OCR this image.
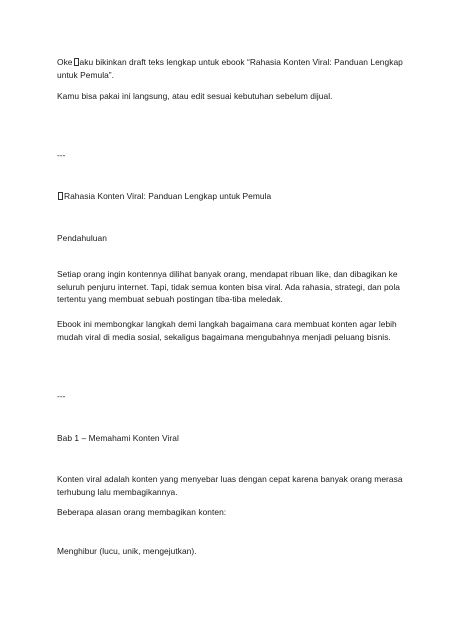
Oke aku bikinkan draft teks lengkap untuk ebook “Rahasia Konten Viral: Panduan Lengkap untuk Pemula”.
Kamu bisa pakai ini langsung, atau edit sesuai kebutuhan sebelum dijual.
---
Rahasia Konten Viral: Panduan Lengkap untuk Pemula
Pendahuluan
Setiap orang ingin kontennya dilihat banyak orang, mendapat ribuan like, dan dibagikan ke seluruh penjuru internet. Tapi, tidak semua konten bisa viral. Ada rahasia, strategi, dan pola tertentu yang membuat sebuah postingan tiba-tiba meledak.
Ebook ini membongkar langkah demi langkah bagaimana cara membuat konten agar lebih mudah viral di media sosial, sekaligus bagaimana mengubahnya menjadi peluang bisnis.
---
Bab 1 – Memahami Konten Viral
Konten viral adalah konten yang menyebar luas dengan cepat karena banyak orang merasa terhubung lalu membagikannya.
Beberapa alasan orang membagikan konten:
Menghibur (lucu, unik, mengejutkan).
